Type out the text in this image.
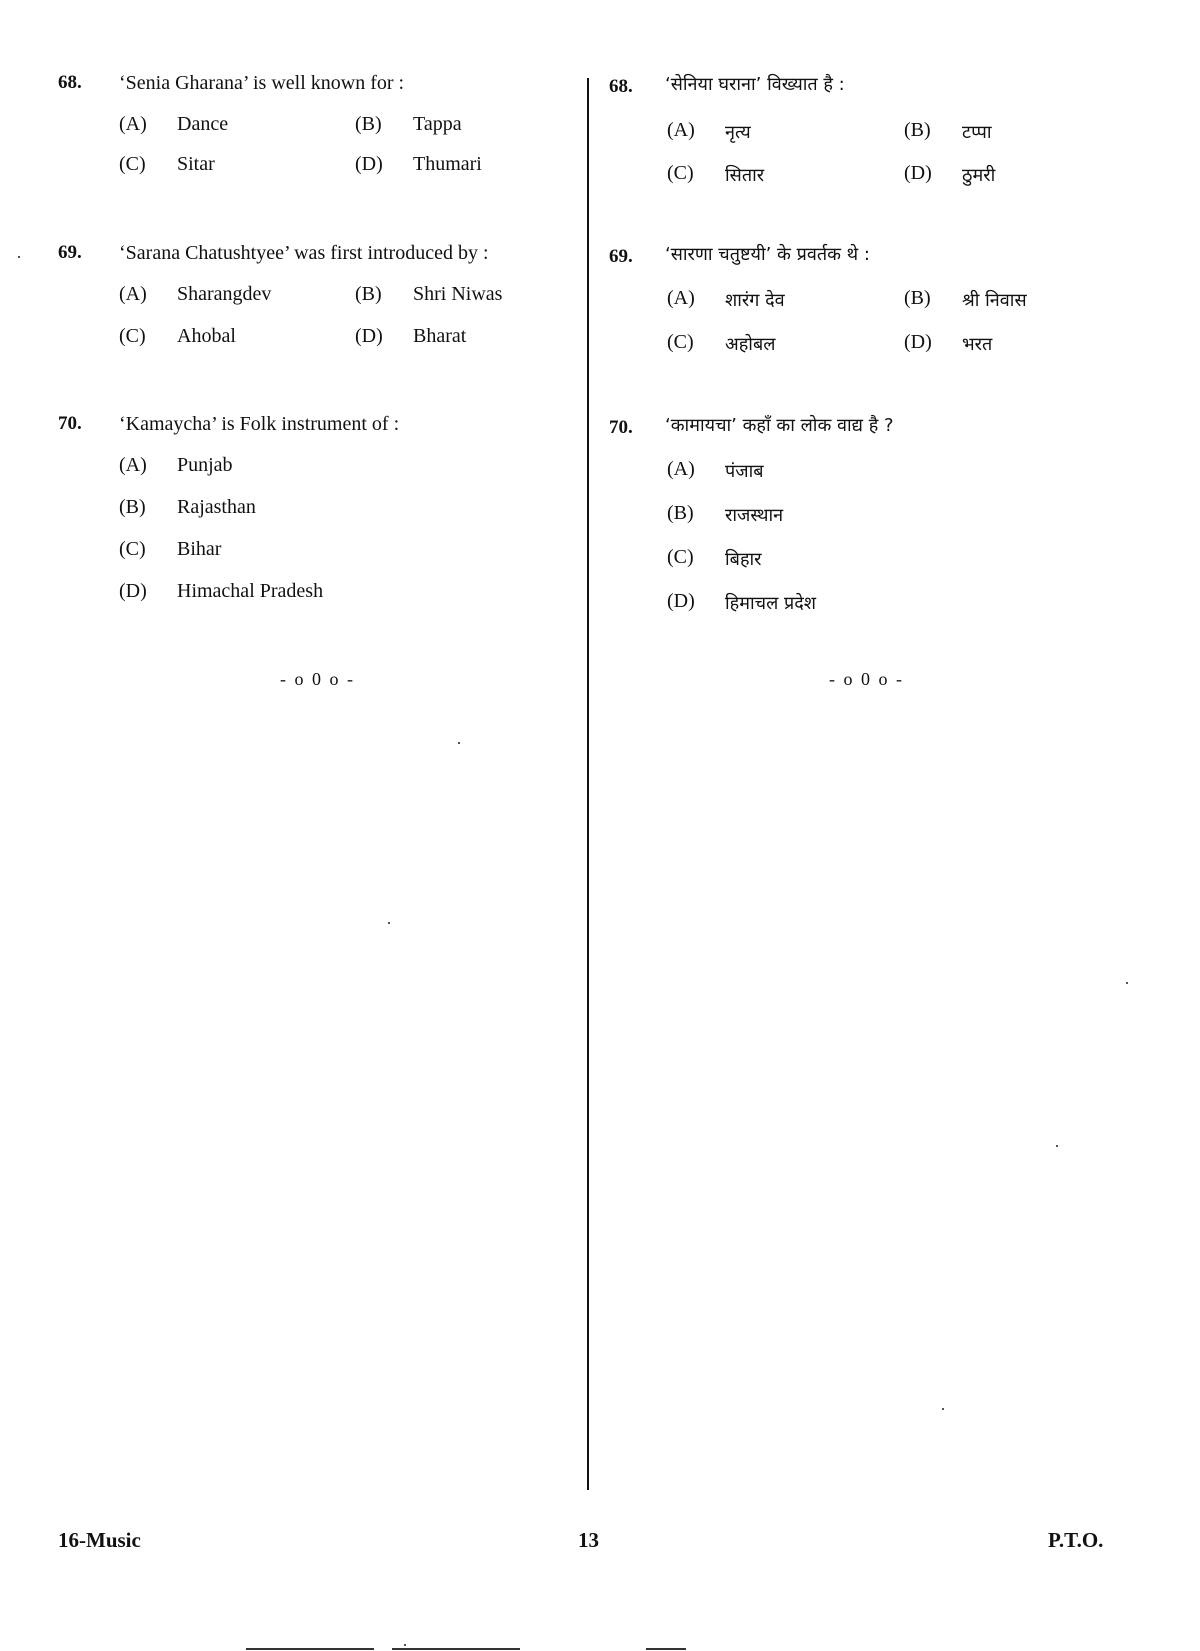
68. ‘Senia Gharana’ is well known for :
(A) Dance	(B) Tappa
(C) Sitar	(D) Thumari
69. ‘Sarana Chatushtyee’ was first introduced by :
(A) Sharangdev	(B) Shri Niwas
(C) Ahobal	(D) Bharat
70. ‘Kamaycha’ is Folk instrument of :
(A) Punjab
(B) Rajasthan
(C) Bihar
(D) Himachal Pradesh
- o 0 o -
68. ‘सेनिया घराना’ विख्यात है :
(A) नृत्य	(B) टप्पा
(C) सितार	(D) ठुमरी
69. ‘सारणा चतुष्टयी’ के प्रवर्तक थे :
(A) शारंग देव	(B) श्री निवास
(C) अहोबल	(D) भरत
70. ‘कामायचा’ कहाँ का लोक वाद्य है ?
(A) पंजाब
(B) राजस्थान
(C) बिहार
(D) हिमाचल प्रदेश
- o 0 o -
16-Music	13	P.T.O.
